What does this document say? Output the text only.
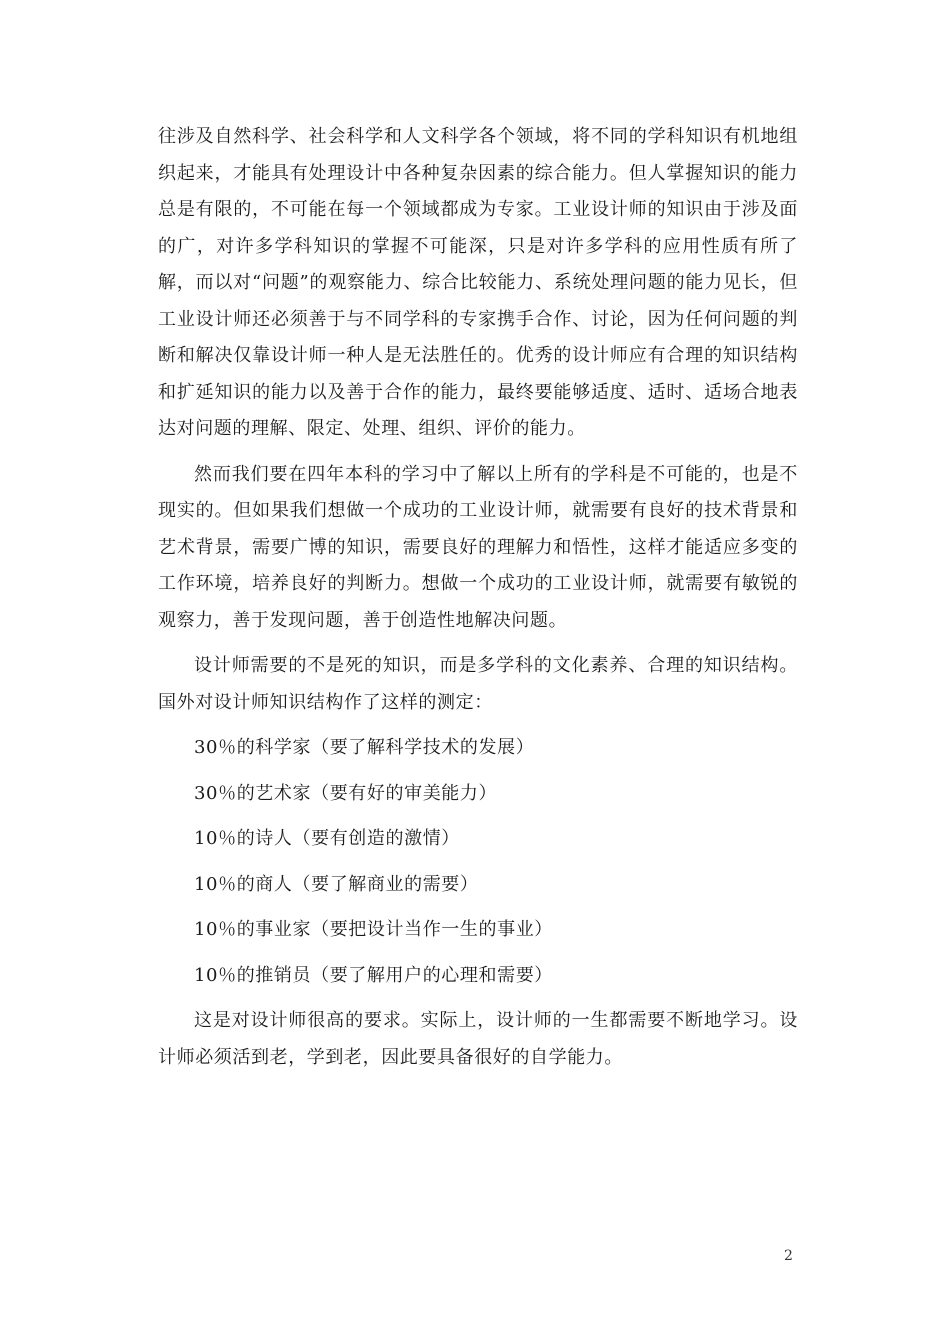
往涉及自然科学、社会科学和人文科学各个领域，将不同的学科知识有机地组织起来，才能具有处理设计中各种复杂因素的综合能力。但人掌握知识的能力总是有限的，不可能在每一个领域都成为专家。工业设计师的知识由于涉及面的广，对许多学科知识的掌握不可能深，只是对许多学科的应用性质有所了解，而以对“问题”的观察能力、综合比较能力、系统处理问题的能力见长，但工业设计师还必须善于与不同学科的专家携手合作、讨论，因为任何问题的判断和解决仅靠设计师一种人是无法胜任的。优秀的设计师应有合理的知识结构和扩延知识的能力以及善于合作的能力，最终要能够适度、适时、适场合地表达对问题的理解、限定、处理、组织、评价的能力。

然而我们要在四年本科的学习中了解以上所有的学科是不可能的，也是不现实的。但如果我们想做一个成功的工业设计师，就需要有良好的技术背景和艺术背景，需要广博的知识，需要良好的理解力和悟性，这样才能适应多变的工作环境，培养良好的判断力。想做一个成功的工业设计师，就需要有敏锐的观察力，善于发现问题，善于创造性地解决问题。

设计师需要的不是死的知识，而是多学科的文化素养、合理的知识结构。国外对设计师知识结构作了这样的测定：

30％的科学家（要了解科学技术的发展）
30％的艺术家（要有好的审美能力）
10％的诗人（要有创造的激情）
10％的商人（要了解商业的需要）
10％的事业家（要把设计当作一生的事业）
10％的推销员（要了解用户的心理和需要）

这是对设计师很高的要求。实际上，设计师的一生都需要不断地学习。设计师必须活到老，学到老，因此要具备很好的自学能力。

2
